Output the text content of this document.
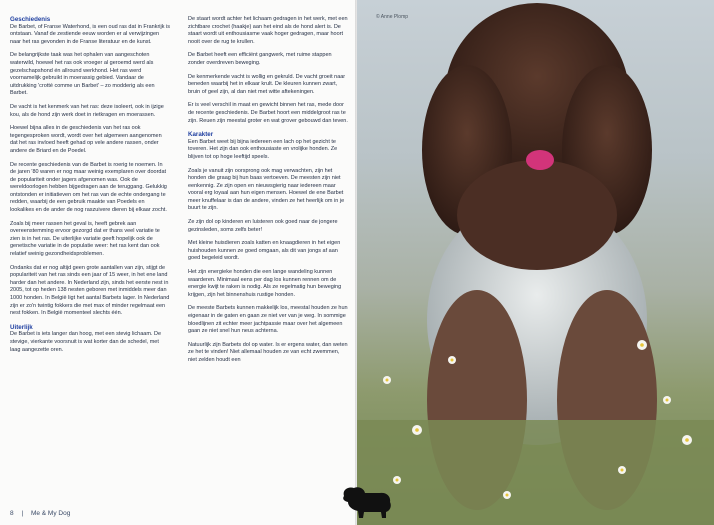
Geschiedenis

De Barbet, of Franse Waterhond, is een oud ras dat in Frankrijk is ontstaan. Vanaf de zestiende eeuw worden er al verwijzingen naar het ras gevonden in de Franse literatuur en de kunst.

De belangrijkste taak was het ophalen van aangeschoten waterwild, hoewel het ras ook vroeger al geroemd werd als gezelschapshond én allround werkhond. Het ras werd voornamelijk gebruikt in moerassig gebied. Vandaar de uitdrukking 'crotté comme un Barbet' – zo modderig als een Barbet.

De vacht is het kenmerk van het ras: deze isoleert, ook in ijzige kou, als de hond zijn werk doet in rietkragen en moerassen.

Hoewel bijna alles in de geschiedenis van het ras ook tegengesproken wordt, wordt over het algemeen aangenomen dat het ras invloed heeft gehad op vele andere rassen, onder andere de Briard en de Poedel.

De recente geschiedenis van de Barbet is roerig te noemen. In de jaren '80 waren er nog maar weinig exemplaren over doordat de populariteit onder jagers afgenomen was. Ook de wereldoorlogen hebben bijgedragen aan de teruggang. Gelukkig ontstonden er initiatieven om het ras van de echte ondergang te redden, waarbij de een gebruik maakte van Poedels en lookalikes en de ander de nog raszuivere dieren bij elkaar zocht.

Zoals bij meer rassen het geval is, heeft gebrek aan overeenstemming ervoor gezorgd dat er thans veel variatie te zien is in het ras. De uiterlijke variatie geeft hopelijk ook de genetische variatie in de populatie weer: het ras kent dan ook relatief weinig gezondheidsproblemen.

Ondanks dat er nog altijd geen grote aantallen van zijn, stijgt de populariteit van het ras sinds een jaar of 15 weer, in het ene land harder dan het andere. In Nederland zijn, sinds het eerste nest in 2005, tot op heden 138 nesten geboren met inmiddels meer dan 1000 honden. In België ligt het aantal Barbets lager. In Nederland zijn er zo'n twintig fokkers die met max of minder regelmaat een nest fokken. In België momenteel slechts één.

Uiterlijk

De Barbet is iets langer dan hoog, met een stevig lichaam. De stevige, vierkante voorsnuit is wat korter dan de schedel, met laag aangezette oren.

De staart wordt achter het lichaam gedragen in het werk, met een zichtbare crochet (haakje) aan het eind als de hond alert is. De staart wordt uit enthousiasme vaak hoger gedragen, maar hoort nooit over de rug te krullen.

De Barbet heeft een efficiënt gangwerk, met ruime stappen zonder overdreven beweging.

De kenmerkende vacht is wollig en gekruld. De vacht groeit naar beneden waarbij het in elkaar krult. De kleuren kunnen zwart, bruin of geel zijn, al dan niet met witte aftekeningen.

Er is veel verschil in maat en gewicht binnen het ras, mede door de recente geschiedenis. De Barbet hoort een middelgroot ras te zijn. Reuen zijn meestal groter en wat grover gebouwd dan teven.

Karakter

Een Barbet weet bij bijna iedereen een lach op het gezicht te toveren. Het zijn dan ook enthousiaste en vrolijke honden. Ze blijven tot op hoge leeftijd speels.

Zoals je vanuit zijn oorsprong ook mag verwachten, zijn het honden die graag bij hun baas vertoeven. De meesten zijn niet eenkennig. Ze zijn open en nieuwsgierig naar iedereen maar vooral erg loyaal aan hun eigen mensen. Hoewel de ene Barbet meer knuffelaar is dan de andere, vinden ze het heerlijk om in je buurt te zijn.

Ze zijn dol op kinderen en luisteren ook goed naar de jongere gezinsleden, soms zelfs beter!

Met kleine huisdieren zoals katten en knaagdieren in het eigen huishouden kunnen ze goed omgaan, als dit van jongs af aan goed begeleid wordt.

Het zijn energieke honden die een lange wandeling kunnen waarderen. Minimaal eens per dag los kunnen rennen om de energie kwijt te raken is nodig. Als ze regelmatig hun beweging krijgen, zijn het binnenshuis rustige honden.

De meeste Barbets kunnen makkelijk los, meestal houden ze hun eigenaar in de gaten en gaan ze niet ver van je weg. In sommige bloedlijnen zit echter meer jachtpassie maar over het algemeen gaan ze niet snel hun neus achterna.

Natuurlijk zijn Barbets dol op water. Is er ergens water, dan weten ze het te vinden! Niet allemaal houden ze van echt zwemmen, niet zelden houdt een

8 | Me & My Dog
© Anne Plomp
